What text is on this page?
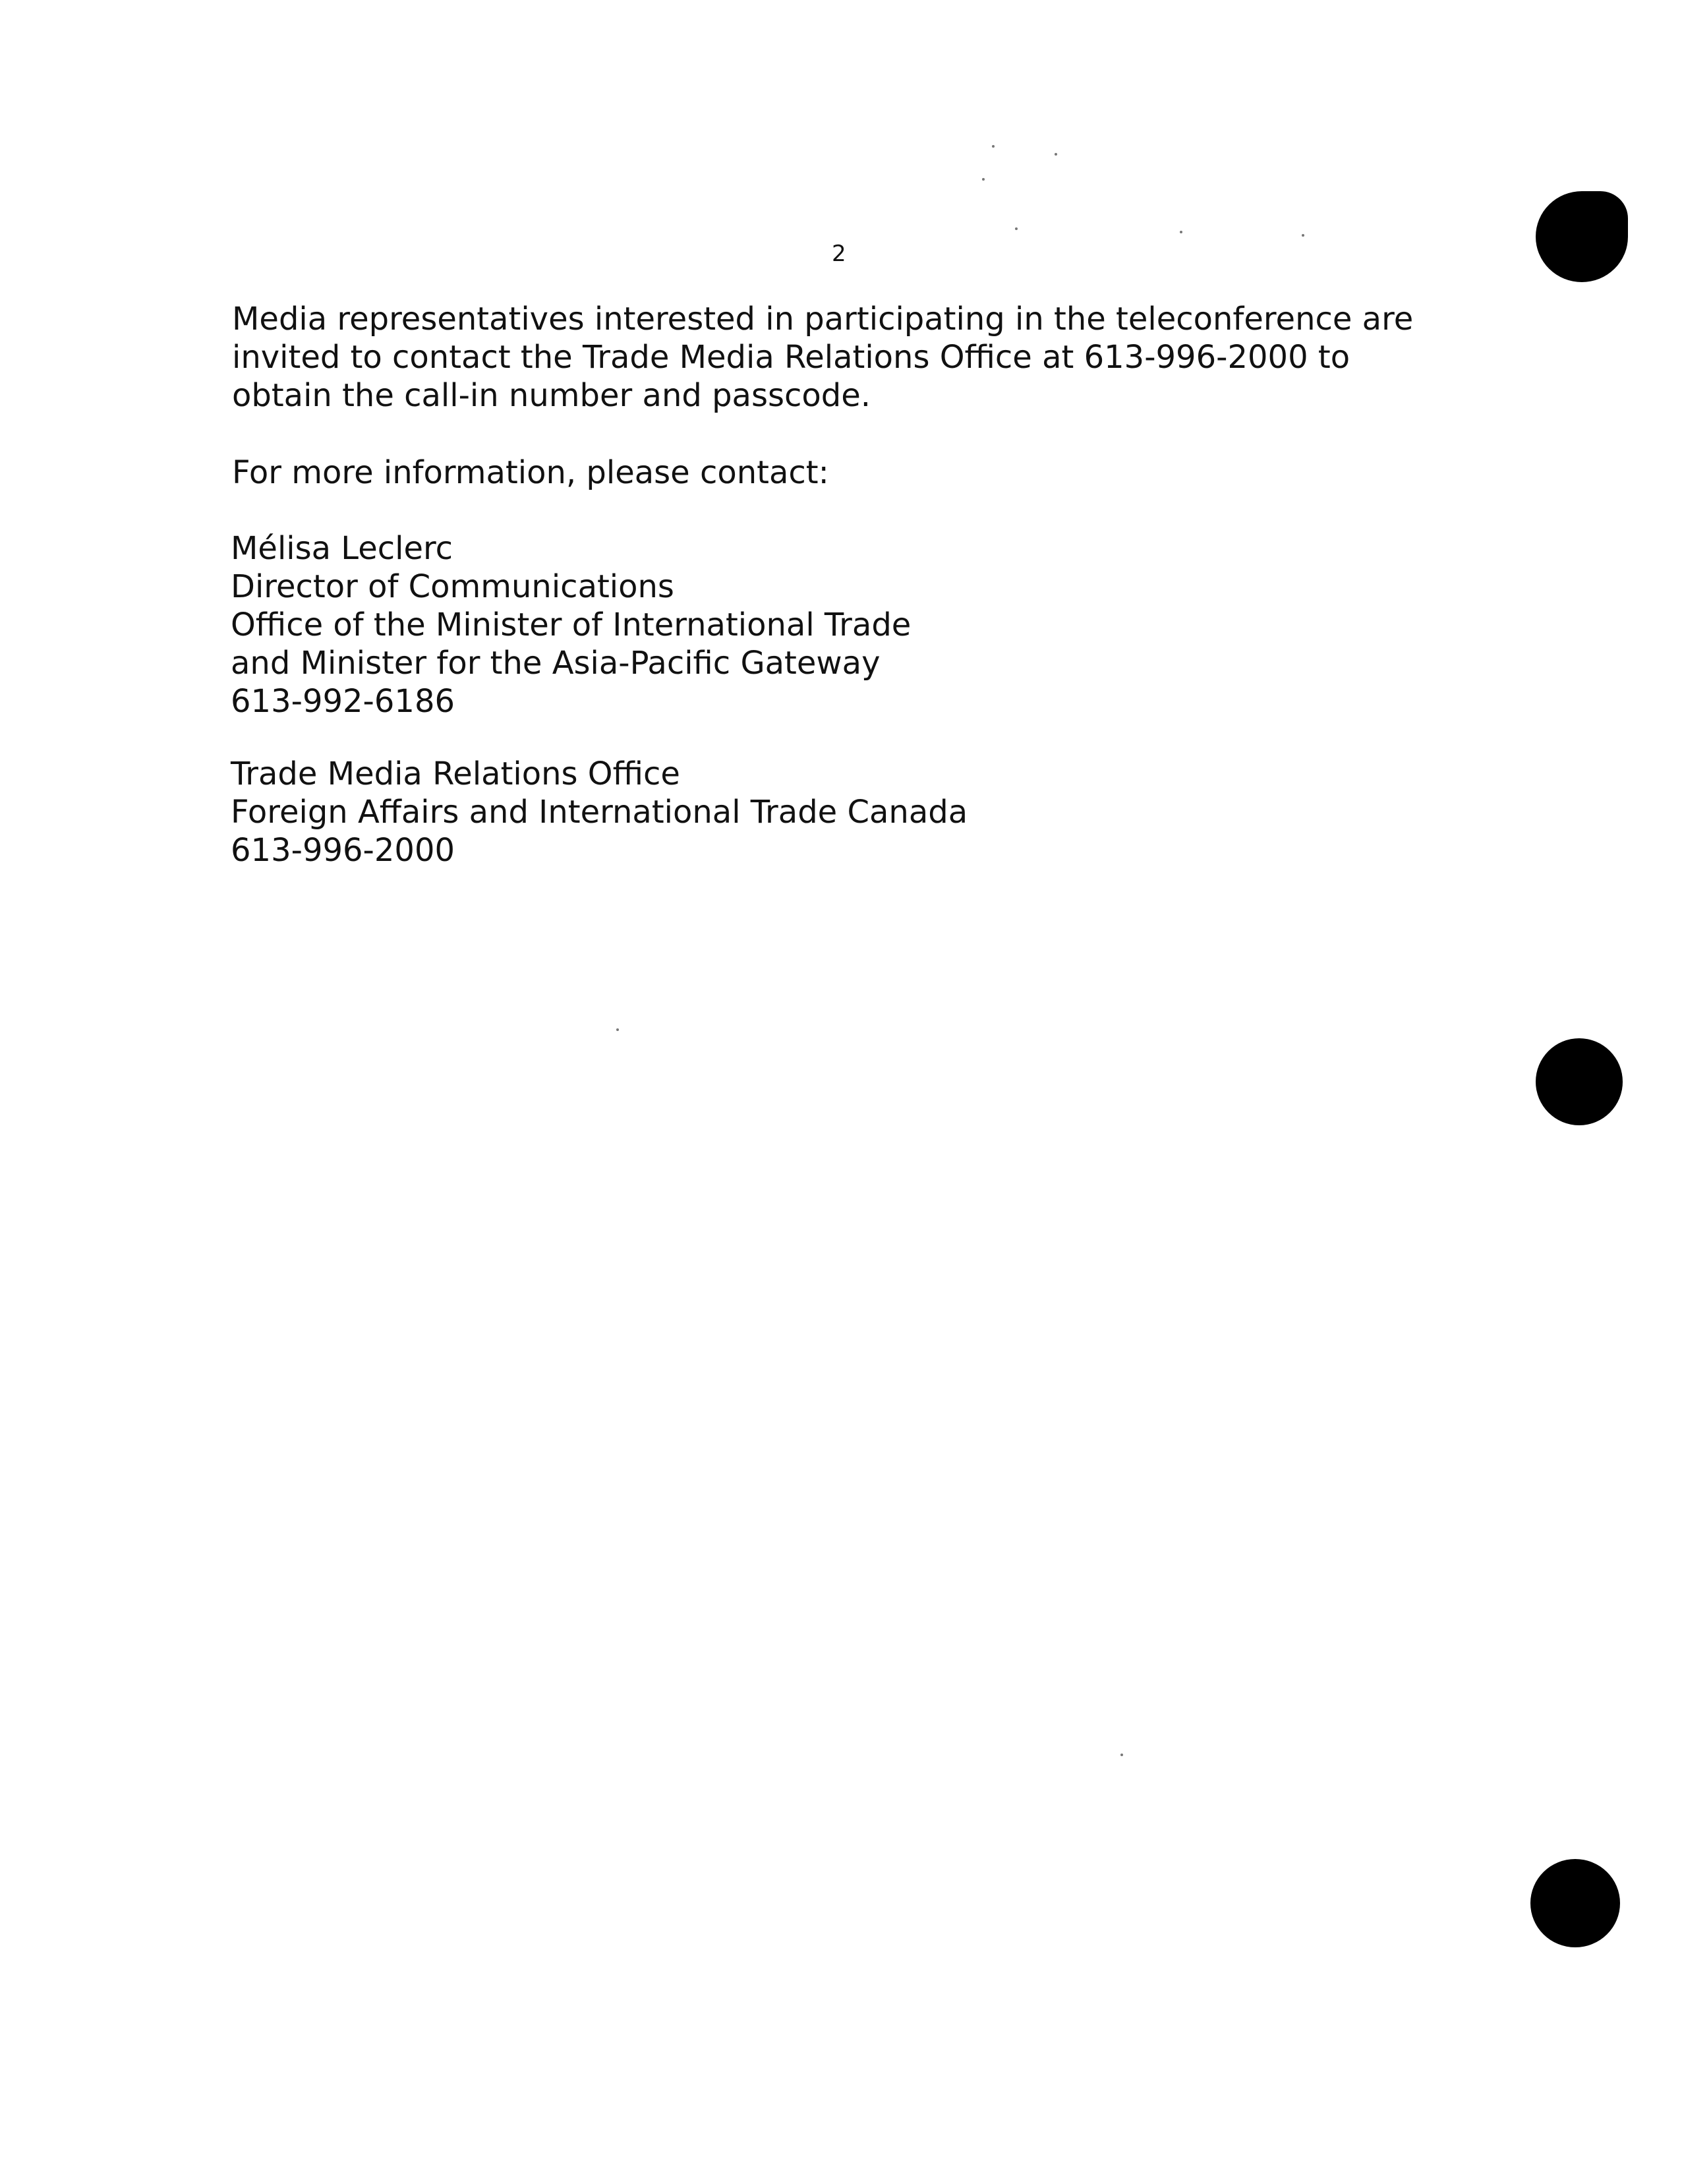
2

Media representatives interested in participating in the teleconference are
invited to contact the Trade Media Relations Office at 613-996-2000 to
obtain the call-in number and passcode.

For more information, please contact:

Mélisa Leclerc
Director of Communications
Office of the Minister of International Trade
and Minister for the Asia-Pacific Gateway
613-992-6186
Trade Media Relations Office
Foreign Affairs and International Trade Canada
613-996-2000
